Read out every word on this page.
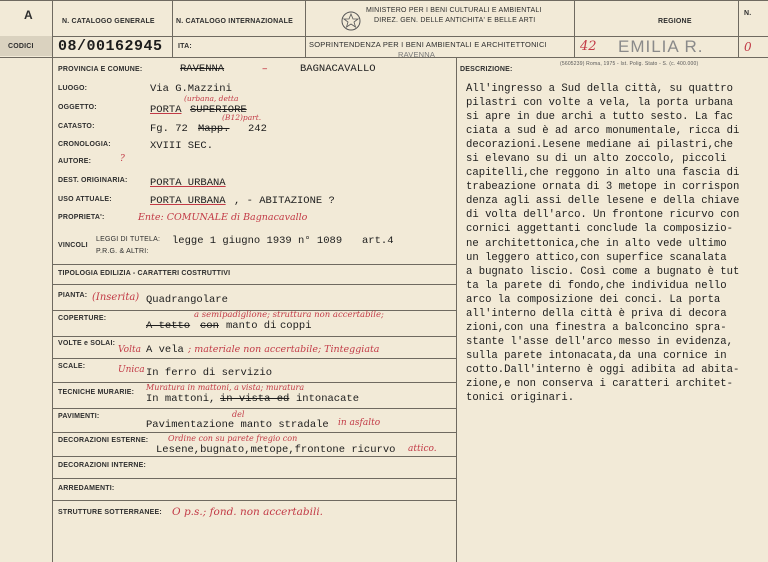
A
CODICI
N. CATALOGO GENERALE
08/00162945
N. CATALOGO INTERNAZIONALE
ITA:
MINISTERO PER I BENI CULTURALI E AMBIENTALI
DIREZ. GEN. DELLE ANTICHITA' E BELLE ARTI
SOPRINTENDENZA PER I BENI AMBIENTALI E ARCHITETTONICI
RAVENNA
REGIONE
42 EMILIA R.
N.
0
(5605239) Roma, 1975 - Ist. Polig. Stato - S. (c. 400.000)
PROVINCIA E COMUNE:
LUOGO:
OGGETTO:
CATASTO:
CRONOLOGIA:
AUTORE:
DEST. ORIGINARIA:
USO ATTUALE:
PROPRIETA':
VINCOLI
LEGGI DI TUTELA:
P.R.G. & ALTRI:
TIPOLOGIA EDILIZIA - CARATTERI COSTRUTTIVI
PIANTA:
COPERTURE:
VOLTE e SOLAI:
SCALE:
TECNICHE MURARIE:
PAVIMENTI:
DECORAZIONI ESTERNE:
DECORAZIONI INTERNE:
ARREDAMENTI:
STRUTTURE SOTTERRANEE:
DESCRIZIONE:
RAVENNA	–	BAGNACAVALLO
Via G.Mazzini
(urbana, detta
PORTA SUPERIORE
(B12)part.
Fg. 72 Mapp. 242
XVIII SEC.
?
PORTA URBANA
PORTA URBANA , - ABITAZIONE ?
Ente: COMUNALE di Bagnacavallo
legge 1 giugno 1939 n° 1089 art.4
(Inserita) Quadrangolare
a semipadiglione; struttura non accertabile;
A tetto con manto di coppi
Volta A vela ; materiale non accertabile; Tinteggiata
Unica In ferro di servizio
Muratura in mattoni, a vista; muratura
In mattoni, in vista ed intonacate
del
Pavimentazione manto stradale in asfalto
Ordine con su parete fregio con
Lesene,bugnato,metope,frontone ricurvo attico.
O p.s.; fond. non accertabili.
All'ingresso a Sud della città, su quattro
pilastri con volte a vela, la porta urbana
si apre in due archi a tutto sesto. La fac
ciata a sud è ad arco monumentale, ricca di
decorazioni.Lesene mediane ai pilastri,che
si elevano su di un alto zoccolo, piccoli
capitelli,che reggono in alto una fascia di
trabeazione ornata di 3 metope in corrispon
denza agli assi delle lesene e della chiave
di volta dell'arco. Un frontone ricurvo con
cornici aggettanti conclude la composizio-
ne architettonica,che in alto vede ultimo
un leggero attico,con superfice scanalata
a bugnato liscio. Così come a bugnato è tut
ta la parete di fondo,che individua nello
arco la composizione dei conci. La porta
all'interno della città è priva di decora
zioni,con una finestra a balconcino spra-
stante l'asse dell'arco messo in evidenza,
sulla parete intonacata,da una cornice in
cotto.Dall'interno è oggi adibita ad abita-
zione,e non conserva i caratteri architet-
tonici originari.
